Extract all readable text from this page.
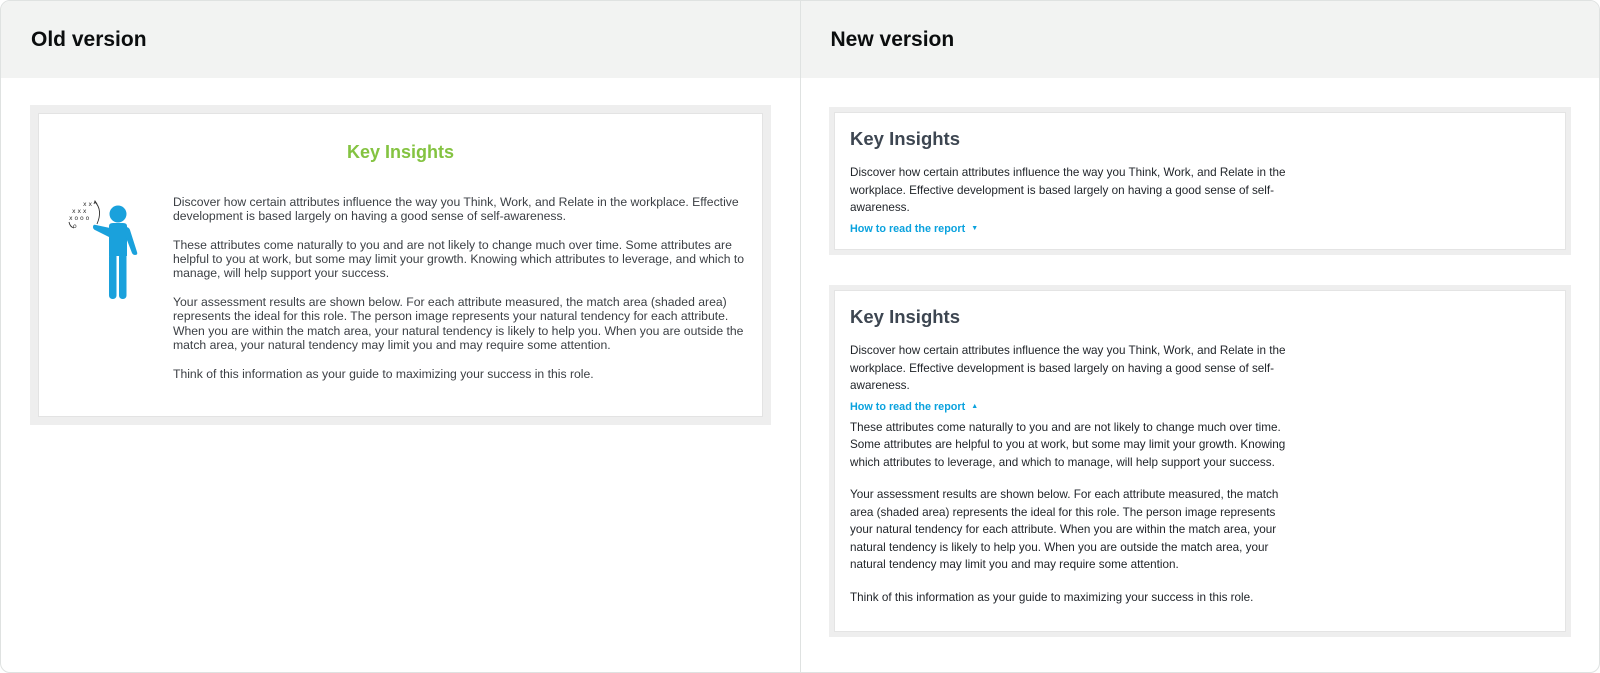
Old version
Key Insights
x x
x x x
x o o o
o

Discover how certain attributes influence the way you Think, Work, and Relate in the workplace. Effective development is based largely on having a good sense of self-awareness.

These attributes come naturally to you and are not likely to change much over time. Some attributes are helpful to you at work, but some may limit your growth. Knowing which attributes to leverage, and which to manage, will help support your success.

Your assessment results are shown below. For each attribute measured, the match area (shaded area) represents the ideal for this role. The person image represents your natural tendency for each attribute. When you are within the match area, your natural tendency is likely to help you. When you are outside the match area, your natural tendency may limit you and may require some attention.

Think of this information as your guide to maximizing your success in this role.

New version
Key Insights
Discover how certain attributes influence the way you Think, Work, and Relate in the workplace. Effective development is based largely on having a good sense of self-awareness.
How to read the report ▼
Key Insights
Discover how certain attributes influence the way you Think, Work, and Relate in the workplace. Effective development is based largely on having a good sense of self-awareness.
How to read the report ▲

These attributes come naturally to you and are not likely to change much over time. Some attributes are helpful to you at work, but some may limit your growth. Knowing which attributes to leverage, and which to manage, will help support your success.

Your assessment results are shown below. For each attribute measured, the match area (shaded area) represents the ideal for this role. The person image represents your natural tendency for each attribute. When you are within the match area, your natural tendency is likely to help you. When you are outside the match area, your natural tendency may limit you and may require some attention.

Think of this information as your guide to maximizing your success in this role.
